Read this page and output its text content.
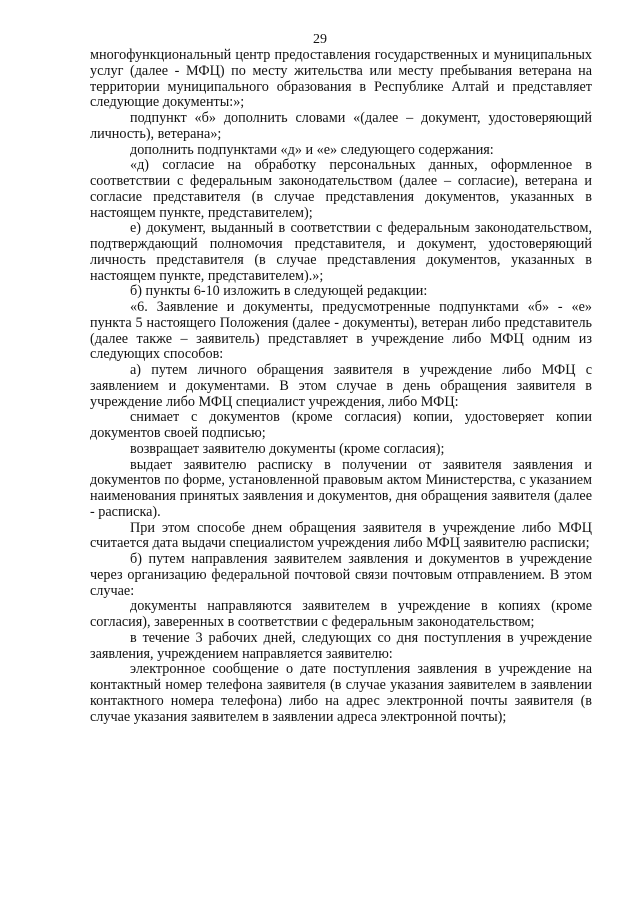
29

многофункциональный центр предоставления государственных и муниципальных услуг (далее - МФЦ) по месту жительства или месту пребывания ветерана на территории муниципального образования в Республике Алтай и представляет следующие документы:»;

подпункт «б» дополнить словами «(далее – документ, удостоверяющий личность), ветерана»;

дополнить подпунктами «д» и «е» следующего содержания:

«д) согласие на обработку персональных данных, оформленное в соответствии с федеральным законодательством (далее – согласие), ветерана и согласие представителя (в случае представления документов, указанных в настоящем пункте, представителем);

е) документ, выданный в соответствии с федеральным законодательством, подтверждающий полномочия представителя, и документ, удостоверяющий личность представителя (в случае представления документов, указанных в настоящем пункте, представителем).»;

б) пункты 6-10 изложить в следующей редакции:

«6. Заявление и документы, предусмотренные подпунктами «б» - «е» пункта 5 настоящего Положения (далее - документы), ветеран либо представитель (далее также – заявитель) представляет в учреждение либо МФЦ одним из следующих способов:

а) путем личного обращения заявителя в учреждение либо МФЦ с заявлением и документами. В этом случае в день обращения заявителя в учреждение либо МФЦ специалист учреждения, либо МФЦ:

снимает с документов (кроме согласия) копии, удостоверяет копии документов своей подписью;

возвращает заявителю документы (кроме согласия);

выдает заявителю расписку в получении от заявителя заявления и документов по форме, установленной правовым актом Министерства, с указанием наименования принятых заявления и документов, дня обращения заявителя (далее - расписка).

При этом способе днем обращения заявителя в учреждение либо МФЦ считается дата выдачи специалистом учреждения либо МФЦ заявителю расписки;

б) путем направления заявителем заявления и документов в учреждение через организацию федеральной почтовой связи почтовым отправлением. В этом случае:

документы направляются заявителем в учреждение в копиях (кроме согласия), заверенных в соответствии с федеральным законодательством;

в течение 3 рабочих дней, следующих со дня поступления в учреждение заявления, учреждением направляется заявителю:

электронное сообщение о дате поступления заявления в учреждение на контактный номер телефона заявителя (в случае указания заявителем в заявлении контактного номера телефона) либо на адрес электронной почты заявителя (в случае указания заявителем в заявлении адреса электронной почты);
